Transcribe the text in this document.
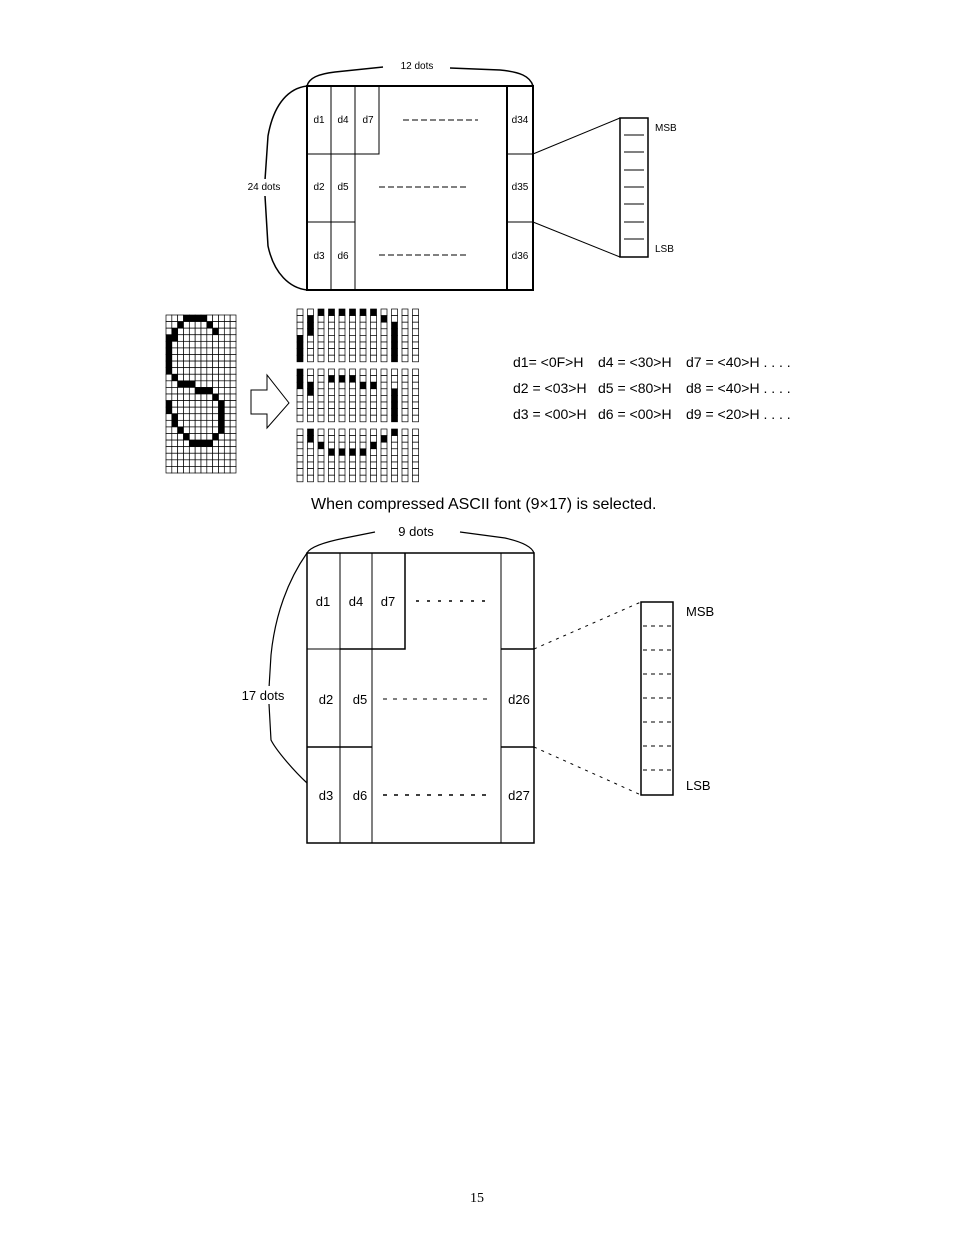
12 dots
24 dots
d1 d4 d7
d2 d5
d3 d6
d34
d35
d36
MSB
LSB
9 dots
17 dots
d1 d4 d7
d2 d5
d3 d6
d26
d27
MSB
LSB
d1= <0F>H d4 = <30>H d7 = <40>H . . . .
d2 = <03>H d5 = <80>H d8 = <40>H . . . .
d3 = <00>H d6 = <00>H d9 = <20>H . . . .
When compressed ASCII font (9×17) is selected.
15
